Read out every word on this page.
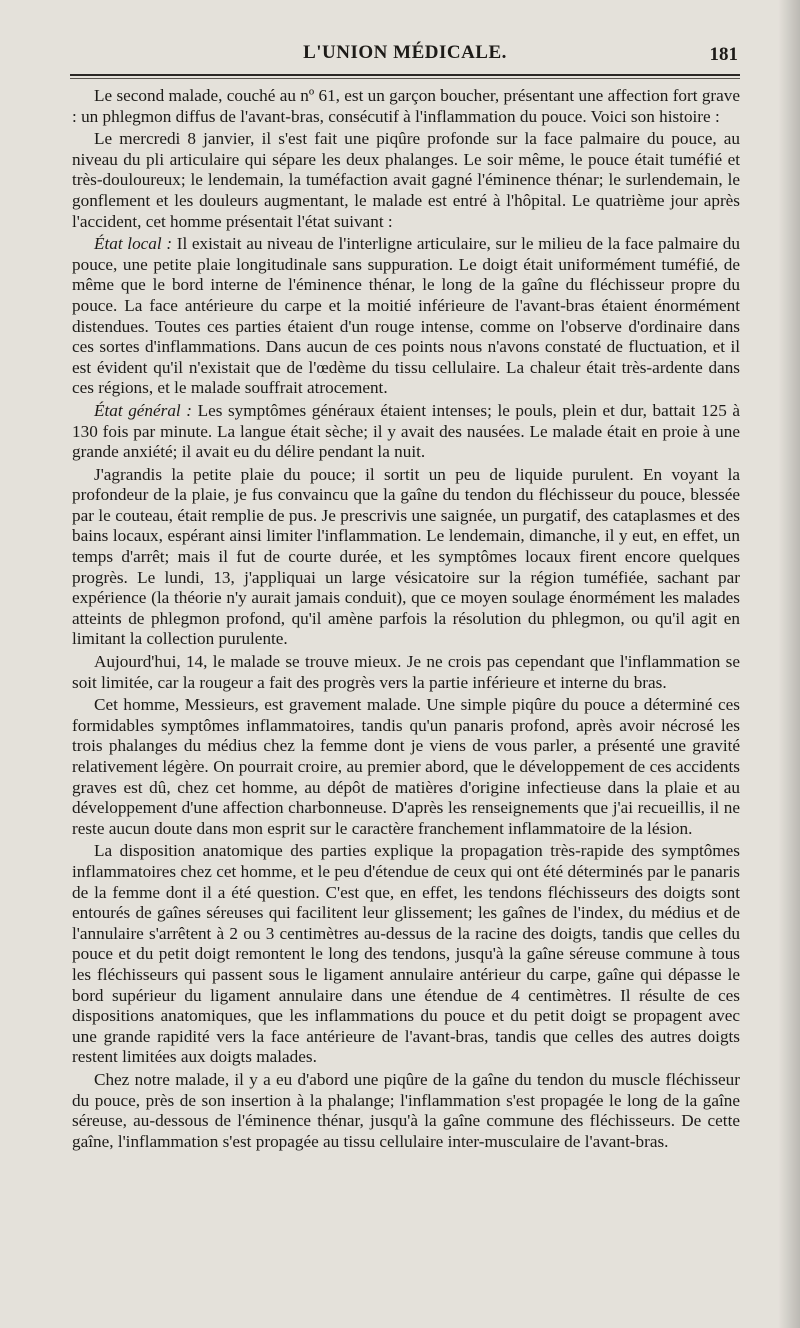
L'UNION MÉDICALE.	181

Le second malade, couché au nº 61, est un garçon boucher, présentant une affection fort grave : un phlegmon diffus de l'avant-bras, consécutif à l'inflammation du pouce. Voici son histoire :

Le mercredi 8 janvier, il s'est fait une piqûre profonde sur la face palmaire du pouce, au niveau du pli articulaire qui sépare les deux phalanges. Le soir même, le pouce était tuméfié et très-douloureux; le lendemain, la tuméfaction avait gagné l'éminence thénar; le surlendemain, le gonflement et les douleurs augmentant, le malade est entré à l'hôpital. Le quatrième jour après l'accident, cet homme présentait l'état suivant :

État local : Il existait au niveau de l'interligne articulaire, sur le milieu de la face palmaire du pouce, une petite plaie longitudinale sans suppuration. Le doigt était uniformément tuméfié, de même que le bord interne de l'éminence thénar, le long de la gaîne du fléchisseur propre du pouce. La face antérieure du carpe et la moitié inférieure de l'avant-bras étaient énormément distendues. Toutes ces parties étaient d'un rouge intense, comme on l'observe d'ordinaire dans ces sortes d'inflammations. Dans aucun de ces points nous n'avons constaté de fluctuation, et il est évident qu'il n'existait que de l'œdème du tissu cellulaire. La chaleur était très-ardente dans ces régions, et le malade souffrait atrocement.

État général : Les symptômes généraux étaient intenses; le pouls, plein et dur, battait 125 à 130 fois par minute. La langue était sèche; il y avait des nausées. Le malade était en proie à une grande anxiété; il avait eu du délire pendant la nuit.

J'agrandis la petite plaie du pouce; il sortit un peu de liquide purulent. En voyant la profondeur de la plaie, je fus convaincu que la gaîne du tendon du fléchisseur du pouce, blessée par le couteau, était remplie de pus. Je prescrivis une saignée, un purgatif, des cataplasmes et des bains locaux, espérant ainsi limiter l'inflammation. Le lendemain, dimanche, il y eut, en effet, un temps d'arrêt; mais il fut de courte durée, et les symptômes locaux firent encore quelques progrès. Le lundi, 13, j'appliquai un large vésicatoire sur la région tuméfiée, sachant par expérience (la théorie n'y aurait jamais conduit), que ce moyen soulage énormément les malades atteints de phlegmon profond, qu'il amène parfois la résolution du phlegmon, ou qu'il agit en limitant la collection purulente.

Aujourd'hui, 14, le malade se trouve mieux. Je ne crois pas cependant que l'inflammation se soit limitée, car la rougeur a fait des progrès vers la partie inférieure et interne du bras.

Cet homme, Messieurs, est gravement malade. Une simple piqûre du pouce a déterminé ces formidables symptômes inflammatoires, tandis qu'un panaris profond, après avoir nécrosé les trois phalanges du médius chez la femme dont je viens de vous parler, a présenté une gravité relativement légère. On pourrait croire, au premier abord, que le développement de ces accidents graves est dû, chez cet homme, au dépôt de matières d'origine infectieuse dans la plaie et au développement d'une affection charbonneuse. D'après les renseignements que j'ai recueillis, il ne reste aucun doute dans mon esprit sur le caractère franchement inflammatoire de la lésion.

La disposition anatomique des parties explique la propagation très-rapide des symptômes inflammatoires chez cet homme, et le peu d'étendue de ceux qui ont été déterminés par le panaris de la femme dont il a été question. C'est que, en effet, les tendons fléchisseurs des doigts sont entourés de gaînes séreuses qui facilitent leur glissement; les gaînes de l'index, du médius et de l'annulaire s'arrêtent à 2 ou 3 centimètres au-dessus de la racine des doigts, tandis que celles du pouce et du petit doigt remontent le long des tendons, jusqu'à la gaîne séreuse commune à tous les fléchisseurs qui passent sous le ligament annulaire antérieur du carpe, gaîne qui dépasse le bord supérieur du ligament annulaire dans une étendue de 4 centimètres. Il résulte de ces dispositions anatomiques, que les inflammations du pouce et du petit doigt se propagent avec une grande rapidité vers la face antérieure de l'avant-bras, tandis que celles des autres doigts restent limitées aux doigts malades.

Chez notre malade, il y a eu d'abord une piqûre de la gaîne du tendon du muscle fléchisseur du pouce, près de son insertion à la phalange; l'inflammation s'est propagée le long de la gaîne séreuse, au-dessous de l'éminence thénar, jusqu'à la gaîne commune des fléchisseurs. De cette gaîne, l'inflammation s'est propagée au tissu cellulaire inter-musculaire de l'avant-bras.
